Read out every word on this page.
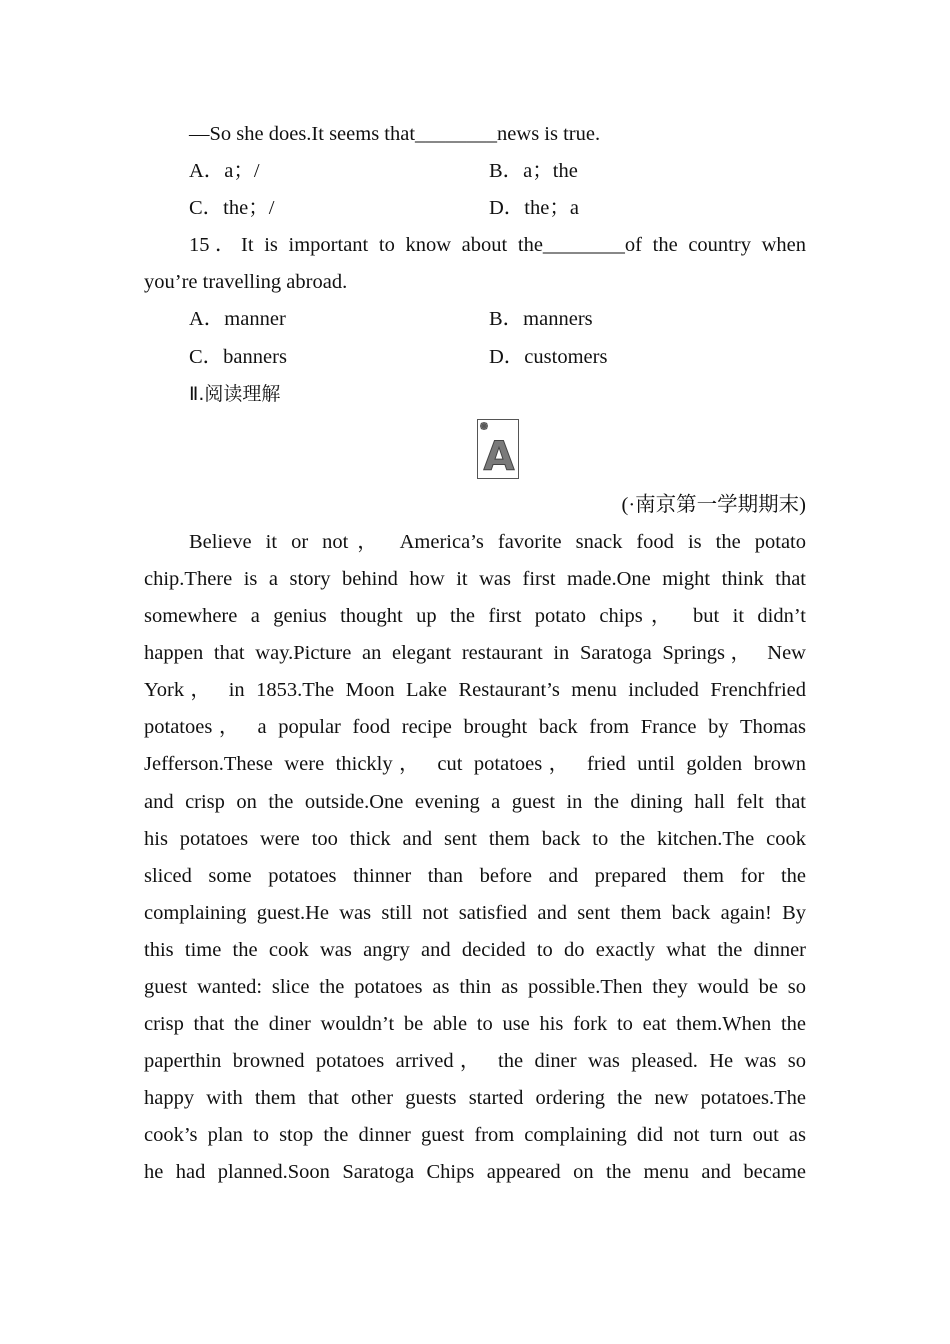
—So she does.It seems that________news is true.
A．a；/	B．a；the
C．the；/	D．the；a

15．It is important to know about the________of the country when

you’re travelling abroad.
A．manner	B．manners
C．banners	D．customers
Ⅱ.阅读理解
A
(·南京第一学期期末)

Believe it or not， America’s favorite snack food is the potato

chip.There is a story behind how it was first made.One might think that

somewhere a genius thought up the first potato chips， but it didn’t

happen that way.Picture an elegant restaurant in Saratoga Springs， New

York， in 1853.The Moon Lake Restaurant’s menu included Frenchfried

potatoes， a popular food recipe brought back from France by Thomas

Jefferson.These were thickly， cut potatoes， fried until golden brown

and crisp on the outside.One evening a guest in the dining hall felt that

his potatoes were too thick and sent them back to the kitchen.The cook

sliced some potatoes thinner than before and prepared them for the

complaining guest.He was still not satisfied and sent them back again! By

this time the cook was angry and decided to do exactly what the dinner

guest wanted: slice the potatoes as thin as possible.Then they would be so

crisp that the diner wouldn’t be able to use his fork to eat them.When the

paperthin browned potatoes arrived， the diner was pleased. He was so

happy with them that other guests started ordering the new potatoes.The

cook’s plan to stop the dinner guest from complaining did not turn out as

he had planned.Soon Saratoga Chips appeared on the menu and became
